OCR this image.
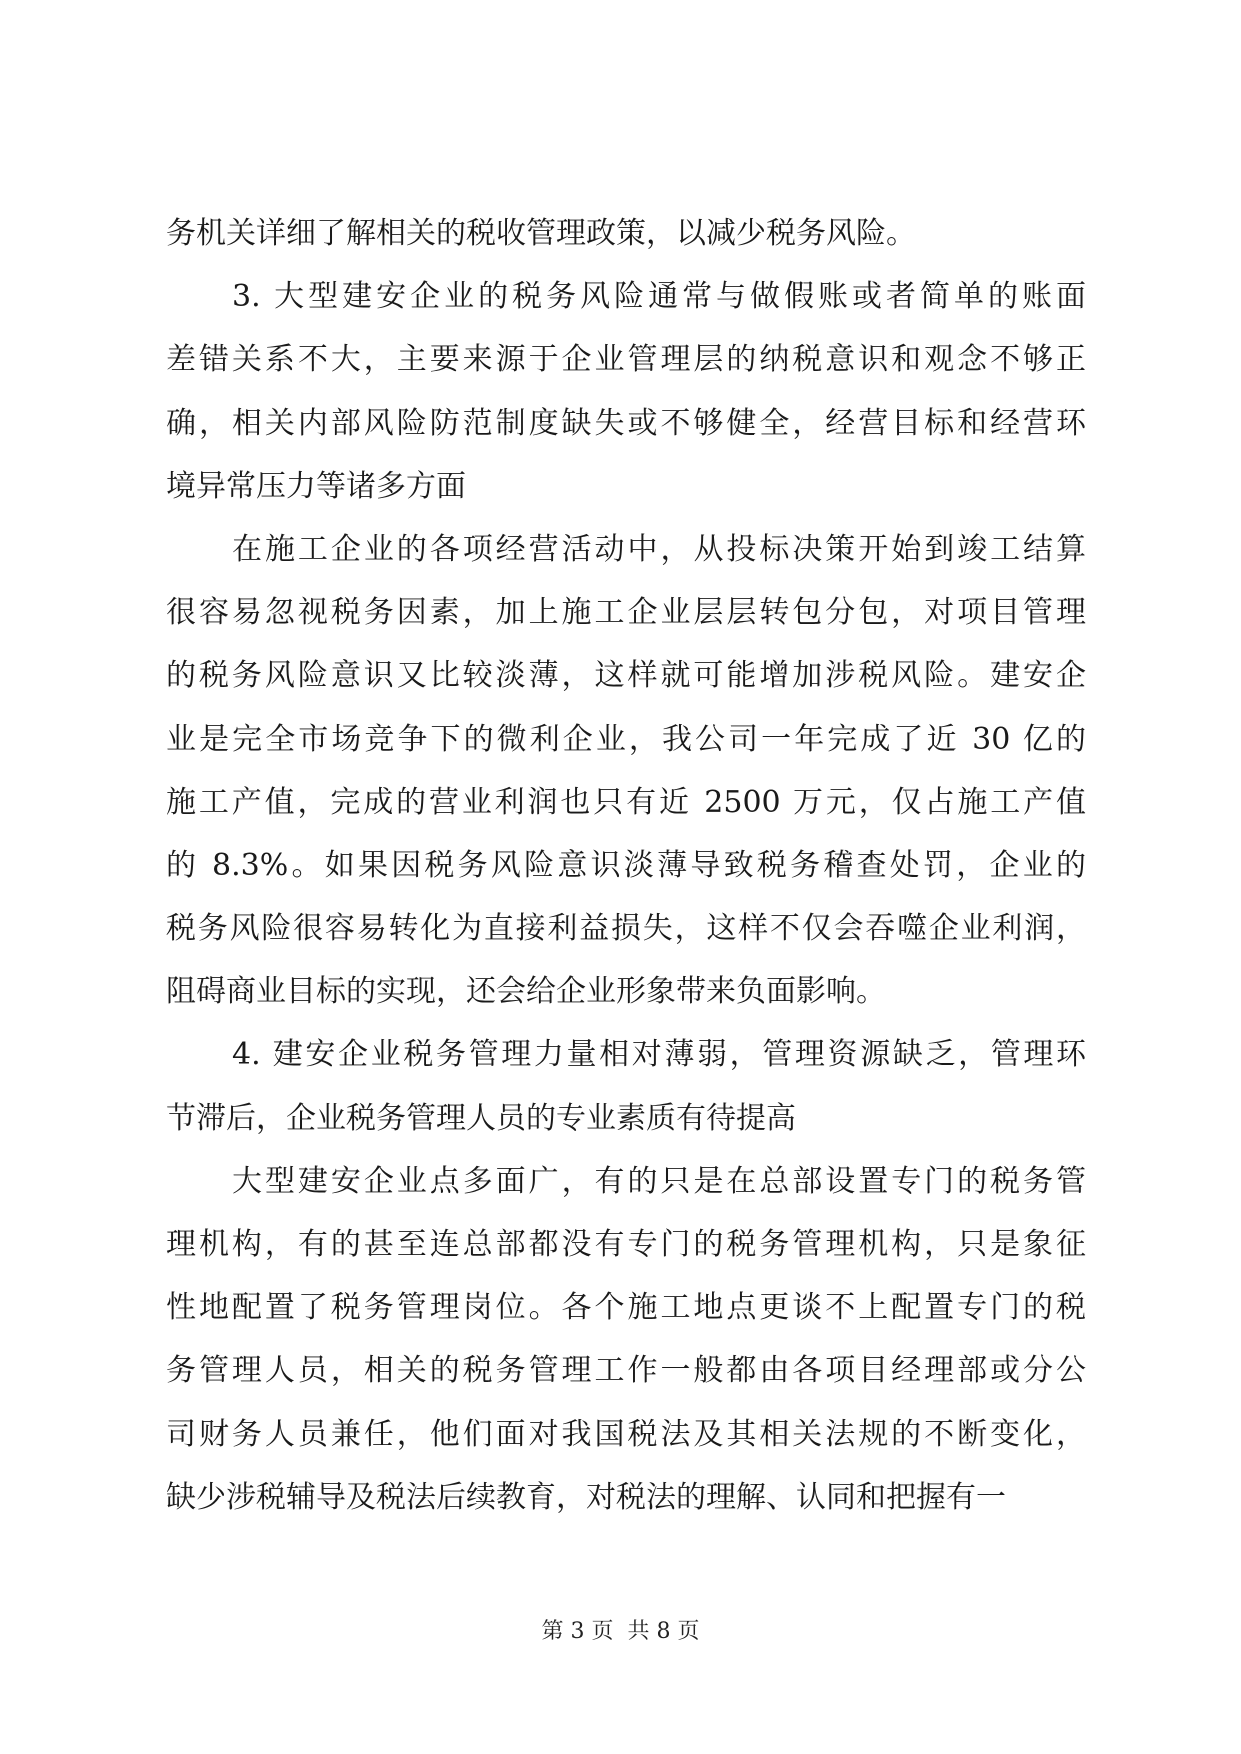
务机关详细了解相关的税收管理政策，以减少税务风险。
3. 大型建安企业的税务风险通常与做假账或者简单的账面
差错关系不大，主要来源于企业管理层的纳税意识和观念不够正
确，相关内部风险防范制度缺失或不够健全，经营目标和经营环
境异常压力等诸多方面
在施工企业的各项经营活动中，从投标决策开始到竣工结算
很容易忽视税务因素，加上施工企业层层转包分包，对项目管理
的税务风险意识又比较淡薄，这样就可能增加涉税风险。建安企
业是完全市场竞争下的微利企业，我公司一年完成了近 30 亿的
施工产值，完成的营业利润也只有近 2500 万元，仅占施工产值
的 8.3%。如果因税务风险意识淡薄导致税务稽查处罚，企业的
税务风险很容易转化为直接利益损失，这样不仅会吞噬企业利润，
阻碍商业目标的实现，还会给企业形象带来负面影响。
4. 建安企业税务管理力量相对薄弱，管理资源缺乏，管理环
节滞后，企业税务管理人员的专业素质有待提高
大型建安企业点多面广，有的只是在总部设置专门的税务管
理机构，有的甚至连总部都没有专门的税务管理机构，只是象征
性地配置了税务管理岗位。各个施工地点更谈不上配置专门的税
务管理人员，相关的税务管理工作一般都由各项目经理部或分公
司财务人员兼任，他们面对我国税法及其相关法规的不断变化，
缺少涉税辅导及税法后续教育，对税法的理解、认同和把握有一
第 3 页  共 8 页
